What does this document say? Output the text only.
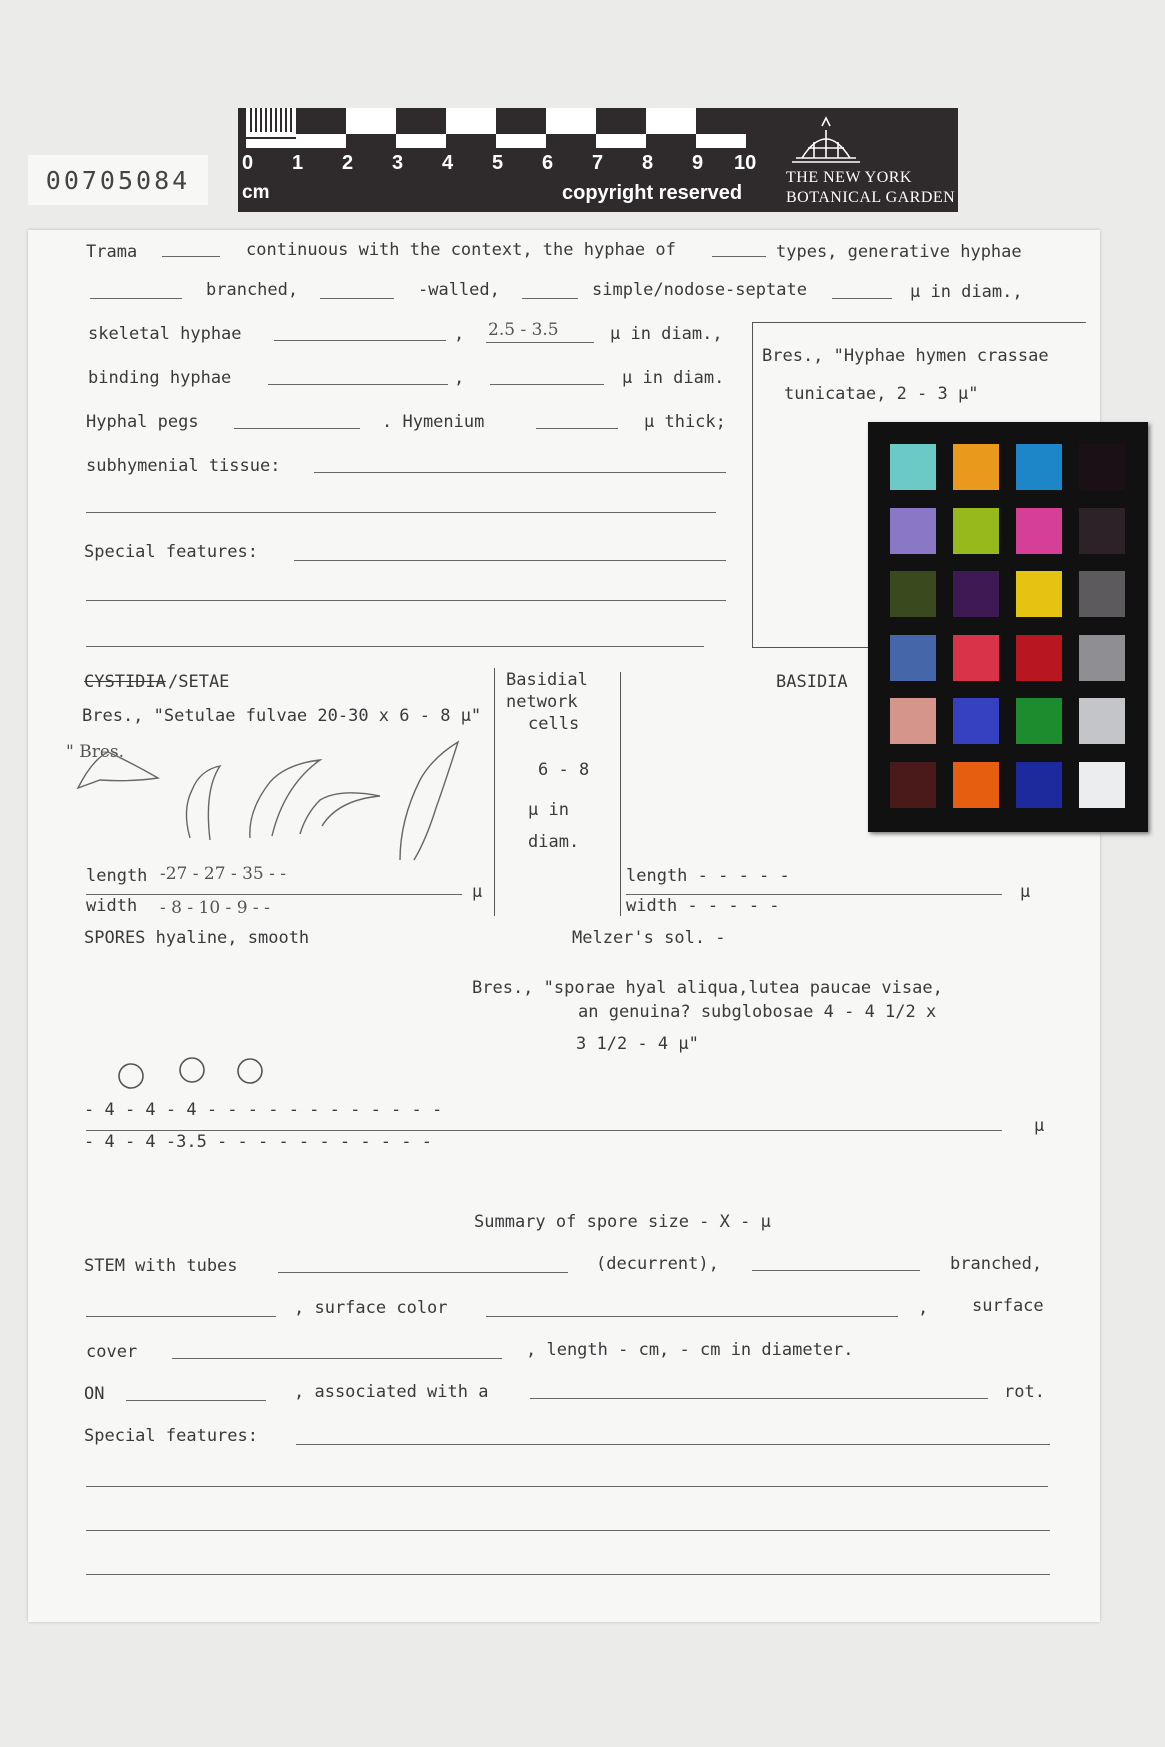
00705084
0 1 2 3 4 5 6 7 8 9 10
cm	copyright reserved
THE NEW YORK
BOTANICAL GARDEN
Trama	continuous with the context, the hyphae of	types, generative hyphae
branched,	-walled,	simple/nodose-septate	μ in diam.,
skeletal hyphae	, 2.5 - 3.5	μ in diam.,
binding hyphae	,	μ in diam.
Bres., "Hyphae hymen crassae
tunicatae, 2 - 3 μ"
Hyphal pegs	. Hymenium	μ thick;
subhymenial tissue:
Special features:
CYSTIDIA /SETAE
Bres., "Setulae fulvae 20-30 x 6 - 8 μ"
" Bres.
Basidial
network
cells
6 - 8
μ in
diam.
BASIDIA
length -27 - 27 - 35 - -
μ
width - 8 - 10 - 9 - -
length - - - - -
μ
width - - - - -
SPORES hyaline, smooth	Melzer's sol. -
Bres., "sporae hyal aliqua,lutea paucae visae,
an genuina? subglobosae 4 - 4 1/2 x
3 1/2 - 4 μ"
- 4 - 4 - 4 - - - - - - - - - - - -
μ
- 4 - 4 -3.5 - - - - - - - - - - -
Summary of spore size - X - μ
STEM with tubes	(decurrent),	branched,
, surface color	,	surface
cover	, length - cm, - cm in diameter.
ON	, associated with a	rot.
Special features:
